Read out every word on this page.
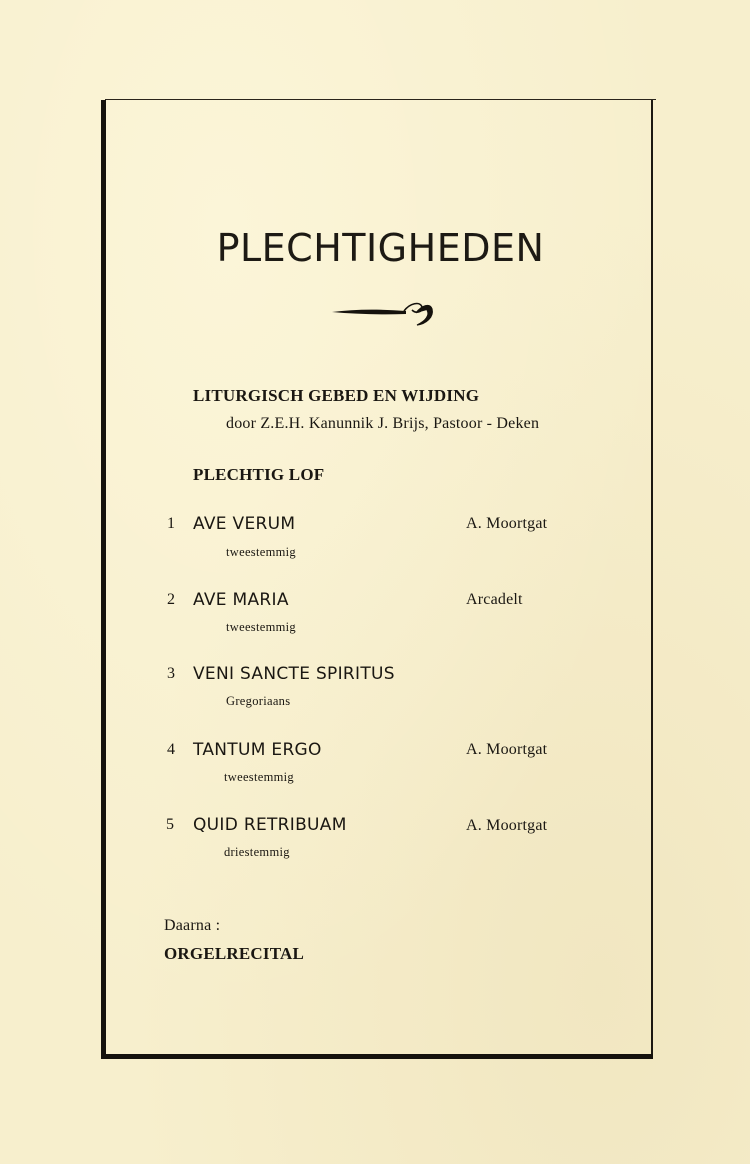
PLECHTIGHEDEN
LITURGISCH GEBED EN WIJDING
door Z.E.H. Kanunnik J. Brijs, Pastoor - Deken
PLECHTIG LOF
1 AVE VERUM	A. Moortgat
tweestemmig
2 AVE MARIA	Arcadelt
tweestemmig
3 VENI SANCTE SPIRITUS
Gregoriaans
4 TANTUM ERGO	A. Moortgat
tweestemmig
5 QUID RETRIBUAM	A. Moortgat
driestemmig
Daarna :
ORGELRECITAL
